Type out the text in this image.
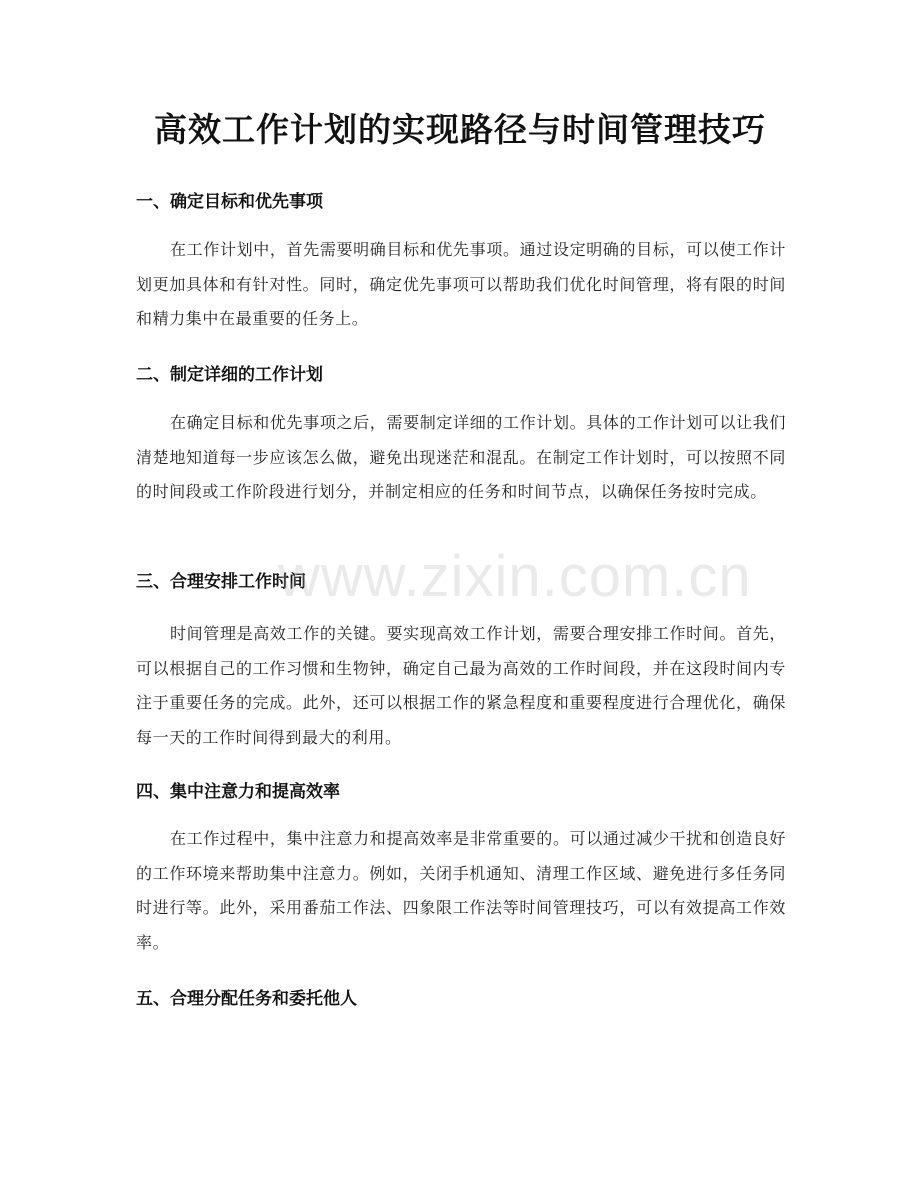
高效工作计划的实现路径与时间管理技巧
一、确定目标和优先事项

在工作计划中，首先需要明确目标和优先事项。通过设定明确的目标，可以使工作计划更加具体和有针对性。同时，确定优先事项可以帮助我们优化时间管理，将有限的时间和精力集中在最重要的任务上。

二、制定详细的工作计划

在确定目标和优先事项之后，需要制定详细的工作计划。具体的工作计划可以让我们清楚地知道每一步应该怎么做，避免出现迷茫和混乱。在制定工作计划时，可以按照不同的时间段或工作阶段进行划分，并制定相应的任务和时间节点，以确保任务按时完成。

三、合理安排工作时间

时间管理是高效工作的关键。要实现高效工作计划，需要合理安排工作时间。首先，可以根据自己的工作习惯和生物钟，确定自己最为高效的工作时间段，并在这段时间内专注于重要任务的完成。此外，还可以根据工作的紧急程度和重要程度进行合理优化，确保每一天的工作时间得到最大的利用。

四、集中注意力和提高效率

在工作过程中，集中注意力和提高效率是非常重要的。可以通过减少干扰和创造良好的工作环境来帮助集中注意力。例如，关闭手机通知、清理工作区域、避免进行多任务同时进行等。此外，采用番茄工作法、四象限工作法等时间管理技巧，可以有效提高工作效率。

五、合理分配任务和委托他人
www.zixin.com.cn
